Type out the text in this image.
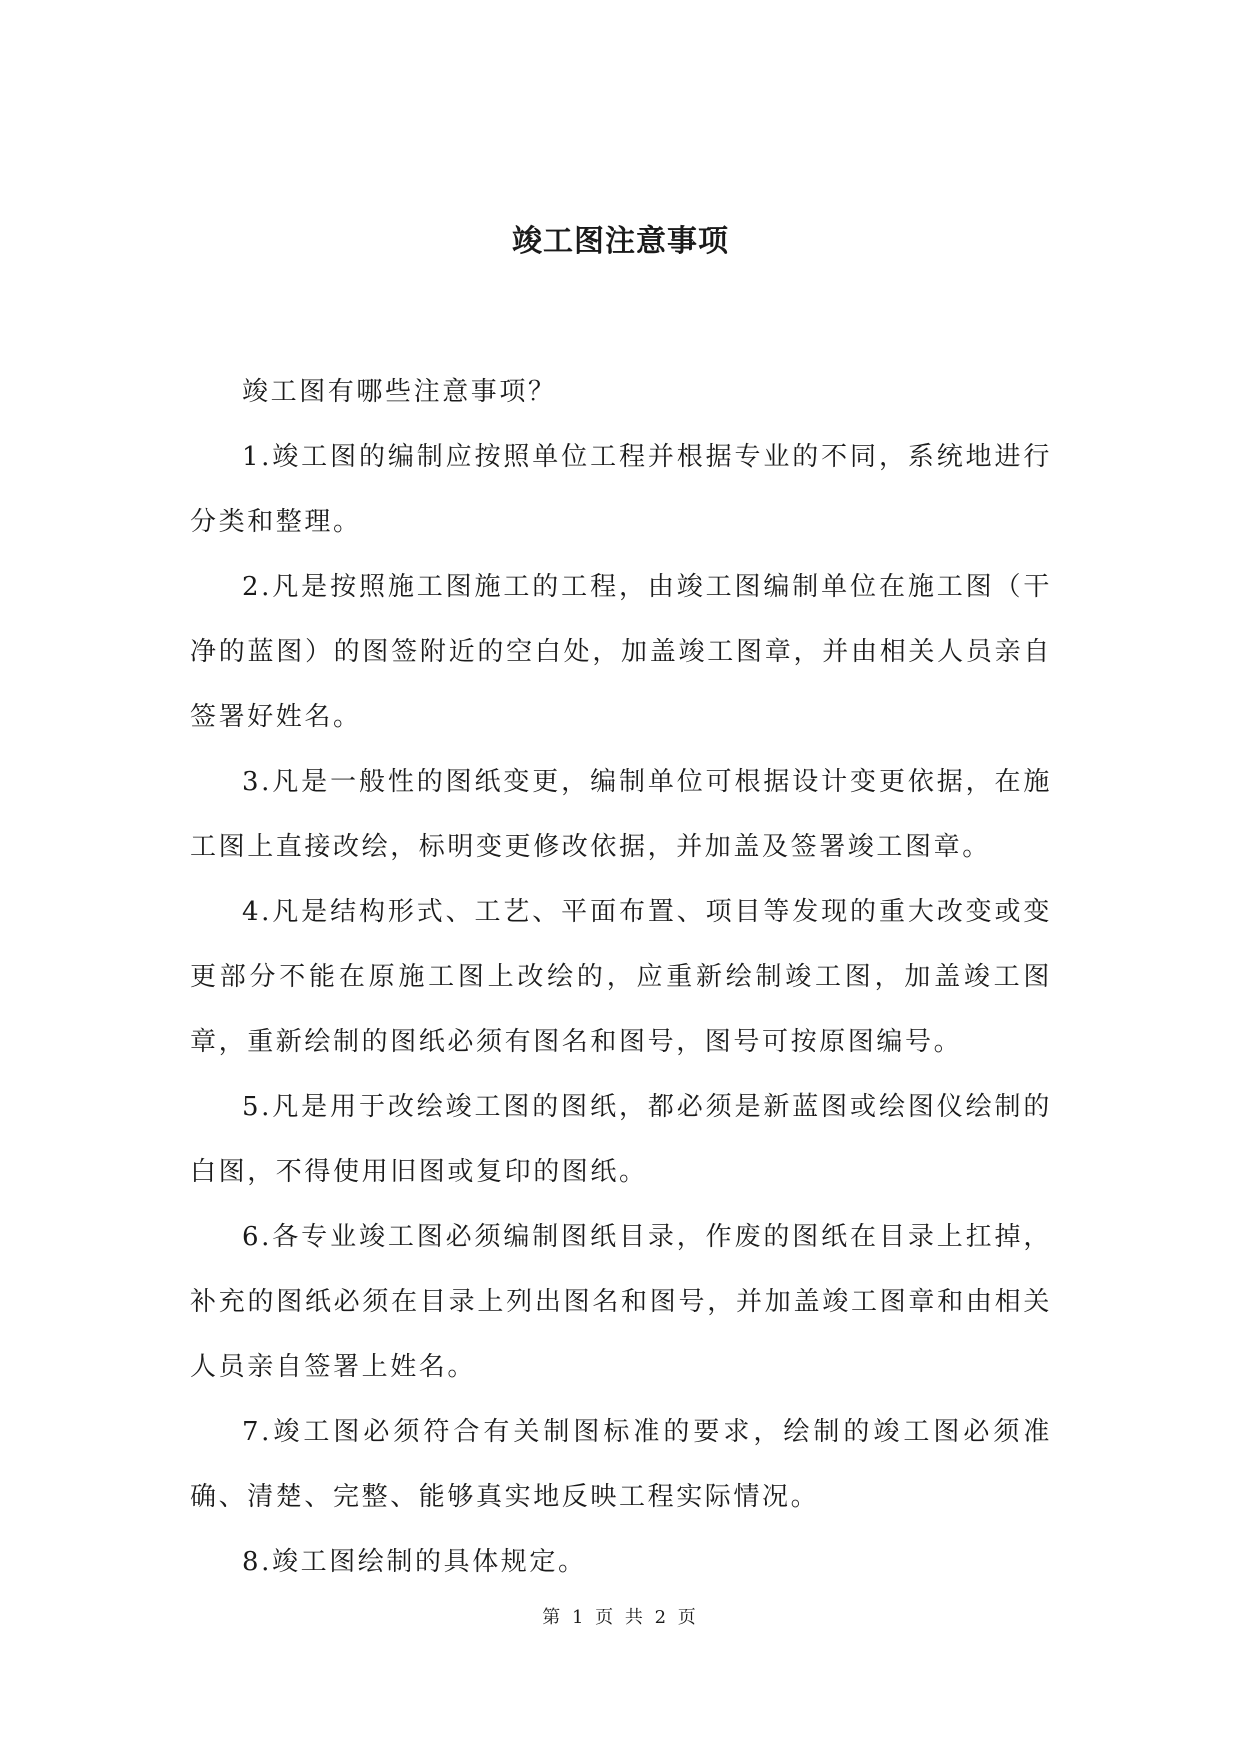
竣工图注意事项

竣工图有哪些注意事项？

1.竣工图的编制应按照单位工程并根据专业的不同，系统地进行分类和整理。

2.凡是按照施工图施工的工程，由竣工图编制单位在施工图（干净的蓝图）的图签附近的空白处，加盖竣工图章，并由相关人员亲自签署好姓名。

3.凡是一般性的图纸变更，编制单位可根据设计变更依据，在施工图上直接改绘，标明变更修改依据，并加盖及签署竣工图章。

4.凡是结构形式、工艺、平面布置、项目等发现的重大改变或变更部分不能在原施工图上改绘的，应重新绘制竣工图，加盖竣工图章，重新绘制的图纸必须有图名和图号，图号可按原图编号。

5.凡是用于改绘竣工图的图纸，都必须是新蓝图或绘图仪绘制的白图，不得使用旧图或复印的图纸。

6.各专业竣工图必须编制图纸目录，作废的图纸在目录上扛掉，补充的图纸必须在目录上列出图名和图号，并加盖竣工图章和由相关人员亲自签署上姓名。

7.竣工图必须符合有关制图标准的要求，绘制的竣工图必须准确、清楚、完整、能够真实地反映工程实际情况。

8.竣工图绘制的具体规定。

第 1 页 共 2 页
